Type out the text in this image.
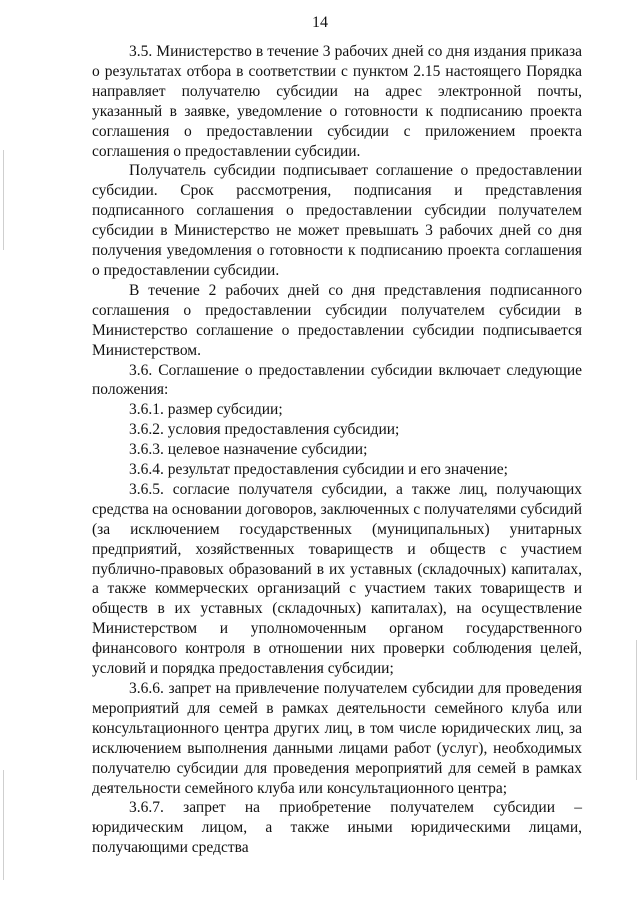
14

3.5. Министерство в течение 3 рабочих дней со дня издания приказа о результатах отбора в соответствии с пунктом 2.15 настоящего Порядка направляет получателю субсидии на адрес электронной почты, указанный в заявке, уведомление о готовности к подписанию проекта соглашения о предоставлении субсидии с приложением проекта соглашения о предоставлении субсидии.

Получатель субсидии подписывает соглашение о предоставлении субсидии. Срок рассмотрения, подписания и представления подписанного соглашения о предоставлении субсидии получателем субсидии в Министерство не может превышать 3 рабочих дней со дня получения уведомления о готовности к подписанию проекта соглашения о предоставлении субсидии.

В течение 2 рабочих дней со дня представления подписанного соглашения о предоставлении субсидии получателем субсидии в Министерство соглашение о предоставлении субсидии подписывается Министерством.

3.6. Соглашение о предоставлении субсидии включает следующие положения:

3.6.1. размер субсидии;

3.6.2. условия предоставления субсидии;

3.6.3. целевое назначение субсидии;

3.6.4. результат предоставления субсидии и его значение;

3.6.5. согласие получателя субсидии, а также лиц, получающих средства на основании договоров, заключенных с получателями субсидий (за исключением государственных (муниципальных) унитарных предприятий, хозяйственных товариществ и обществ с участием публично-правовых образований в их уставных (складочных) капиталах, а также коммерческих организаций с участием таких товариществ и обществ в их уставных (складочных) капиталах), на осуществление Министерством и уполномоченным органом государственного финансового контроля в отношении них проверки соблюдения целей, условий и порядка предоставления субсидии;

3.6.6. запрет на привлечение получателем субсидии для проведения мероприятий для семей в рамках деятельности семейного клуба или консультационного центра других лиц, в том числе юридических лиц, за исключением выполнения данными лицами работ (услуг), необходимых получателю субсидии для проведения мероприятий для семей в рамках деятельности семейного клуба или консультационного центра;

3.6.7. запрет на приобретение получателем субсидии – юридическим лицом, а также иными юридическими лицами, получающими средства
